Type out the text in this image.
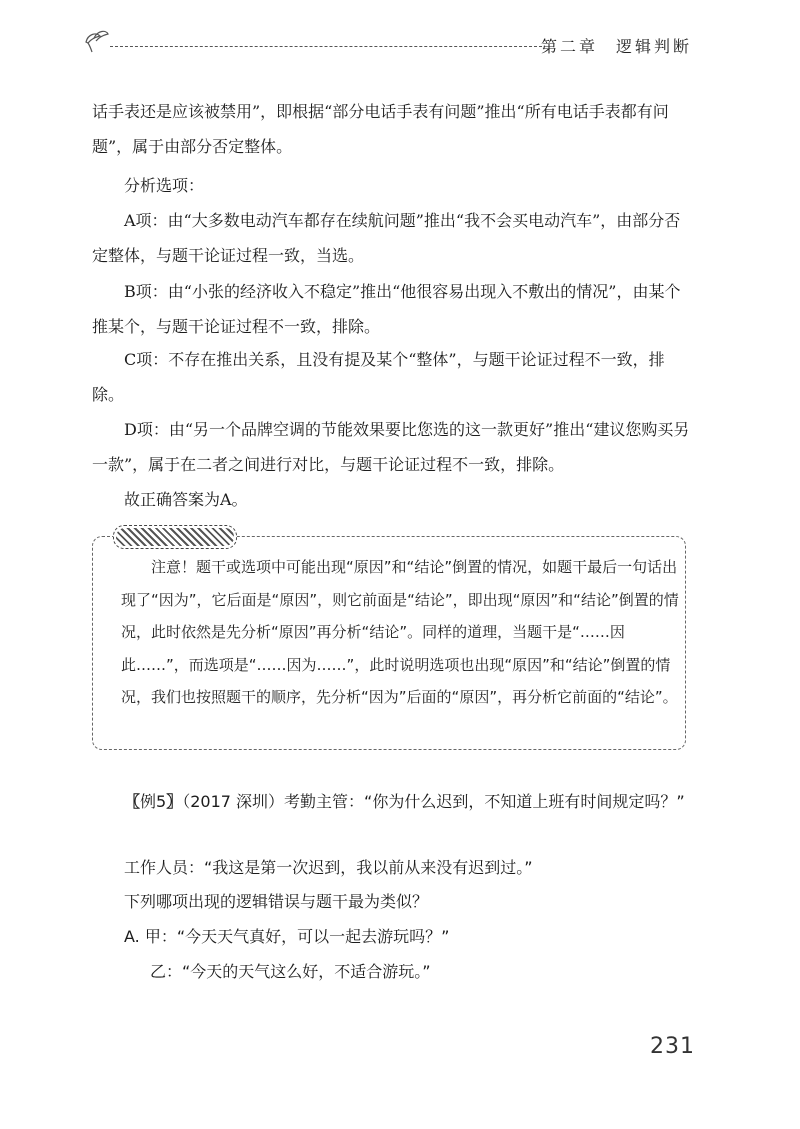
第二章 逻辑判断

话手表还是应该被禁用”，即根据“部分电话手表有问题”推出“所有电话手表都有问题”，属于由部分否定整体。

分析选项：

A项：由“大多数电动汽车都存在续航问题”推出“我不会买电动汽车”，由部分否定整体，与题干论证过程一致，当选。

B项：由“小张的经济收入不稳定”推出“他很容易出现入不敷出的情况”，由某个推某个，与题干论证过程不一致，排除。

C项：不存在推出关系，且没有提及某个“整体”，与题干论证过程不一致，排除。

D项：由“另一个品牌空调的节能效果要比您选的这一款更好”推出“建议您购买另一款”，属于在二者之间进行对比，与题干论证过程不一致，排除。

故正确答案为A。

注意！题干或选项中可能出现“原因”和“结论”倒置的情况，如题干最后一句话出现了“因为”，它后面是“原因”，则它前面是“结论”，即出现“原因”和“结论”倒置的情况，此时依然是先分析“原因”再分析“结论”。同样的道理，当题干是“……因此……”，而选项是“……因为……”，此时说明选项也出现“原因”和“结论”倒置的情况，我们也按照题干的顺序，先分析“因为”后面的“原因”，再分析它前面的“结论”。

〖例5〗（2017 深圳）考勤主管：“你为什么迟到，不知道上班有时间规定吗？”

工作人员：“我这是第一次迟到，我以前从来没有迟到过。”

下列哪项出现的逻辑错误与题干最为类似？

A. 甲：“今天天气真好，可以一起去游玩吗？”

乙：“今天的天气这么好，不适合游玩。”

231
